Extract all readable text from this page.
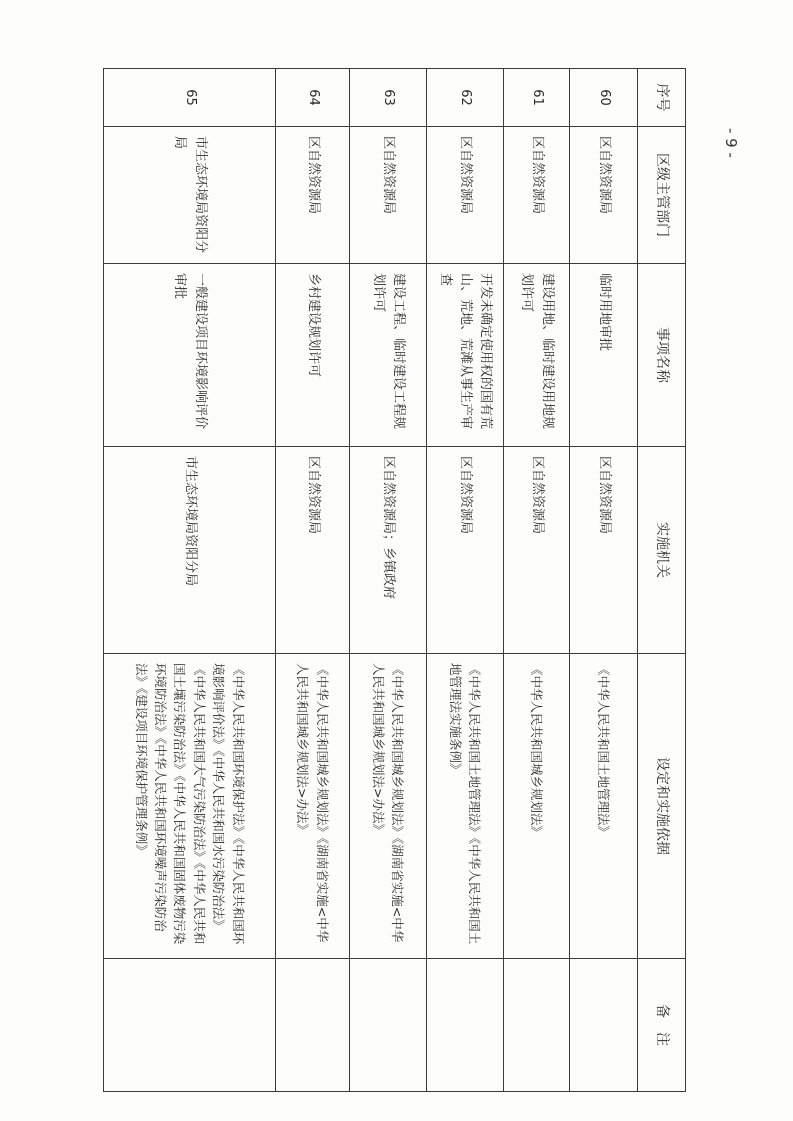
序号	区级主管部门	事项名称	实施机关	设定和实施依据	备　注
60	区自然资源局	临时用地审批	区自然资源局	《中华人民共和国土地管理法》	
61	区自然资源局	建设用地、临时建设用地规划许可	区自然资源局	《中华人民共和国城乡规划法》	
62	区自然资源局	开发未确定使用权的国有荒山、荒地、荒滩从事生产审查	区自然资源局	《中华人民共和国土地管理法》《中华人民共和国土地管理法实施条例》	
63	区自然资源局	建设工程、临时建设工程规划许可	区自然资源局；乡镇政府	《中华人民共和国城乡规划法》《湖南省实施<中华人民共和国城乡规划法>办法》	
64	区自然资源局	乡村建设规划许可	区自然资源局	《中华人民共和国城乡规划法》《湖南省实施<中华人民共和国城乡规划法>办法》	
65	市生态环境局资阳分局	一般建设项目环境影响评价审批	市生态环境局资阳分局	《中华人民共和国环境保护法》《中华人民共和国环境影响评价法》《中华人民共和国水污染防治法》《中华人民共和国大气污染防治法》《中华人民共和国土壤污染防治法》《中华人民共和国固体废物污染环境防治法》《中华人民共和国环境噪声污染防治法》《建设项目环境保护管理条例》	
- 9 -
